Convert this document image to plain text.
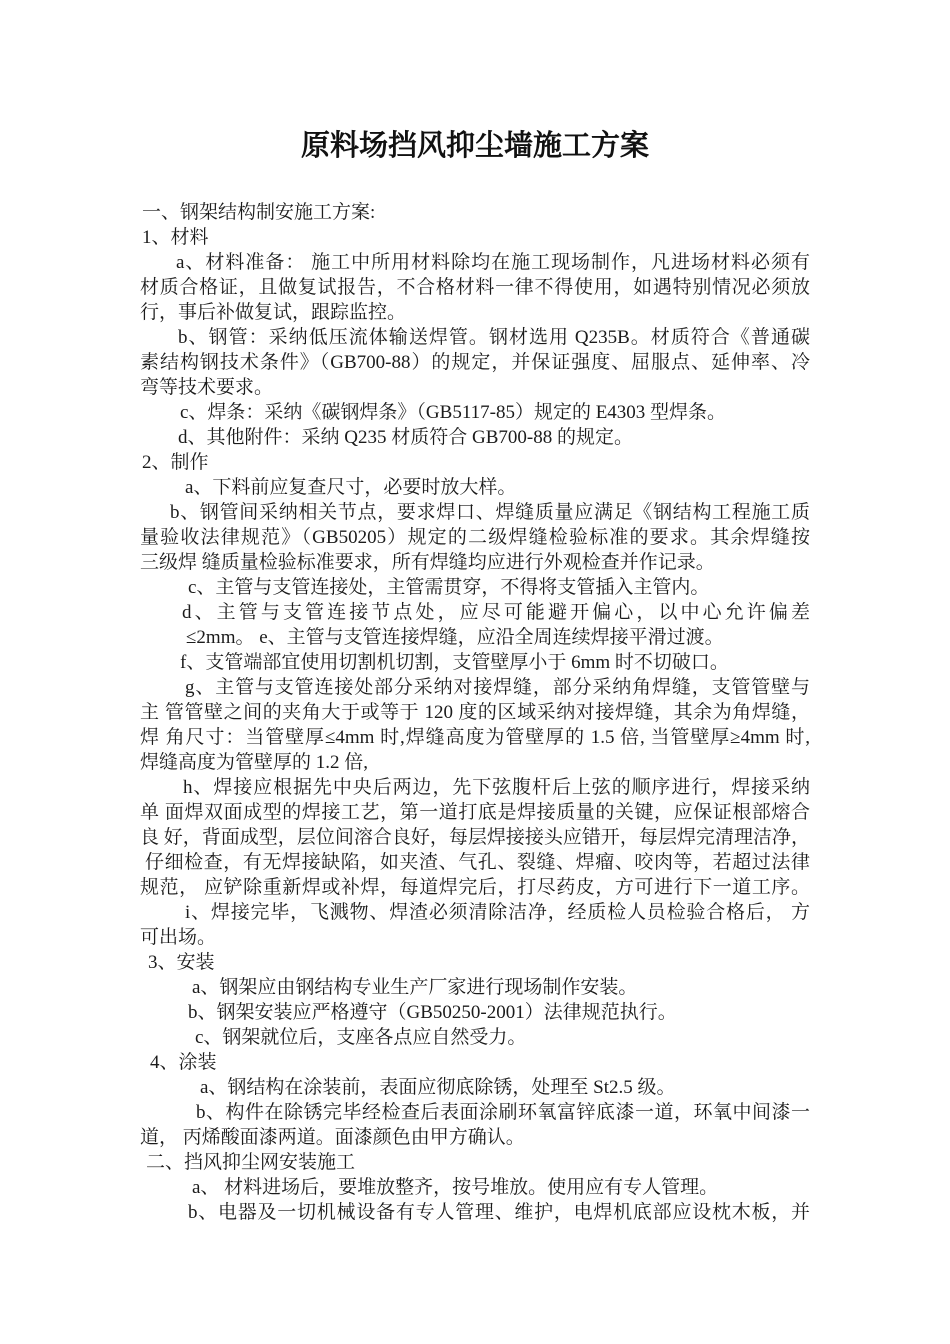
原料场挡风抑尘墙施工方案
一、钢架结构制安施工方案:
1、材料
a、材料准备： 施工中所用材料除均在施工现场制作，凡进场材料必须有
材质合格证，且做复试报告，不合格材料一律不得使用，如遇特别情况必须放
行，事后补做复试，跟踪监控。
b、钢管：采纳低压流体输送焊管。钢材选用 Q235B。材质符合《普通碳
素结构钢技术条件》（GB700-88）的规定，并保证强度、屈服点、延伸率、冷
弯等技术要求。
c、焊条：采纳《碳钢焊条》（GB5117-85）规定的 E4303 型焊条。
d、其他附件：采纳 Q235 材质符合 GB700-88 的规定。
2、制作
a、下料前应复查尺寸，必要时放大样。
b、钢管间采纳相关节点，要求焊口、焊缝质量应满足《钢结构工程施工质
量验收法律规范》（GB50205）规定的二级焊缝检验标准的要求。其余焊缝按
三级焊 缝质量检验标准要求，所有焊缝均应进行外观检查并作记录。
c、主管与支管连接处，主管需贯穿，不得将支管插入主管内。
d、主管与支管连接节点处，应尽可能避开偏心，以中心允许偏差
≤2mm。 e、主管与支管连接焊缝，应沿全周连续焊接平滑过渡。
f、支管端部宜使用切割机切割，支管壁厚小于 6mm 时不切破口。
g、主管与支管连接处部分采纳对接焊缝，部分采纳角焊缝，支管管壁与
主 管管壁之间的夹角大于或等于 120 度的区域采纳对接焊缝，其余为角焊缝，
焊 角尺寸：当管壁厚≤4mm 时,焊缝高度为管壁厚的 1.5 倍, 当管壁厚≥4mm 时,
焊缝高度为管壁厚的 1.2 倍,
h、焊接应根据先中央后两边，先下弦腹杆后上弦的顺序进行，焊接采纳
单 面焊双面成型的焊接工艺，第一道打底是焊接质量的关键，应保证根部熔合
良 好，背面成型，层位间溶合良好，每层焊接接头应错开，每层焊完清理洁净，
仔细检查，有无焊接缺陷，如夹渣、气孔、裂缝、焊瘤、咬肉等，若超过法律
规范， 应铲除重新焊或补焊，每道焊完后，打尽药皮，方可进行下一道工序。
i、焊接完毕，飞溅物、焊渣必须清除洁净，经质检人员检验合格后， 方
可出场。
3、安装
a、钢架应由钢结构专业生产厂家进行现场制作安装。
b、钢架安装应严格遵守（GB50250-2001）法律规范执行。
c、钢架就位后，支座各点应自然受力。
4、涂装
a、钢结构在涂装前，表面应彻底除锈，处理至 St2.5 级。
b、构件在除锈完毕经检查后表面涂刷环氧富锌底漆一道，环氧中间漆一
道， 丙烯酸面漆两道。面漆颜色由甲方确认。
二、挡风抑尘网安装施工
a、 材料进场后，要堆放整齐，按号堆放。使用应有专人管理。
b、电器及一切机械设备有专人管理、维护，电焊机底部应设枕木板，并
